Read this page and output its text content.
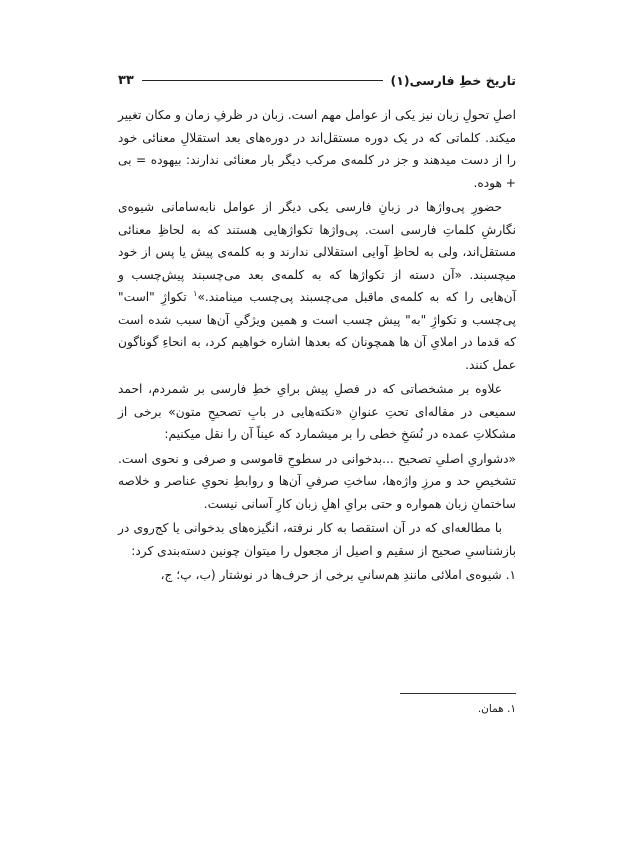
تاریخ خطِ فارسی(۱)
۳۳

اصلِ تحولِ زبان نیز یکی از عوامل مهم است. زبان در ظرفِ زمان و مکان تغییر میکند. کلماتی که در یک دوره مستقل‌اند در دوره‌های بعد استقلالِ معنائی خود را از دست میدهند و جز در کلمه‌ی مرکب دیگر بار معنائی ندارند: بیهوده = بی + هوده.

حضورِ پی‌واژها در زبانِ فارسی یکی دیگر از عوامل نابه‌سامانی شیوه‌ی نگارشِ کلماتِ فارسی است. پی‌واژها تکواژهایی هستند که به لحاظِ معنائی مستقل‌اند، ولی به لحاظِ آوایی استقلالی ندارند و به کلمه‌ی پیش یا پس از خود میچسبند. «آن دسته از تکواژها که به کلمه‌ی بعد می‌چسبند پیش‌چسب و آن‌هایی را که به کلمه‌ی ماقبل می‌چسبند پی‌چسب مینامند.»$^۱$ تکواژِ "است" پی‌چسب و تکواژِ "به" پیش چسب است و همین ویژگیِ آن‌ها سبب شده است که قدما در املایِ آن ها همچونان که بعدها اشاره خواهیم کرد، به انحاءِ گوناگون عمل کنند.

علاوه بر مشخصاتی که در فصلِ پیش برایِ خطِ فارسی بر شمردم، احمد سمیعی در مقاله‌ای تحتِ عنوانِ «نکته‌هایی در بابِ تصحیحِ متون» برخی از مشکلاتِ عمده در نُسَخِ خطی را بر میشمارد که عیناً آن را نقل میکنیم:

«دشواریِ اصلیِ تصحیح ...بدخوانی در سطوحِ قاموسی و صرفی و نحوی است. تشخیصِ حد و مرزِ واژه‌ها، ساختِ صرفیِ آن‌ها و روابطِ نحویِ عناصر و خلاصه ساختمانِ زبان همواره و حتی برایِ اهلِ زبان کارِ آسانی نیست.

با مطالعه‌ای که در آن استقصا به کار نرفته، انگیزه‌های بدخوانی یا کج‌روی در بازشناسیِ صحیح از سقیم و اصیل از مجعول را میتوان چونین دسته‌بندی کرد:

۱. شیوه‌ی املائی مانندِ هم‌سانیِ برخی از حرف‌ها در نوشتار (ب، پ؛ ج،

۱. همان.
